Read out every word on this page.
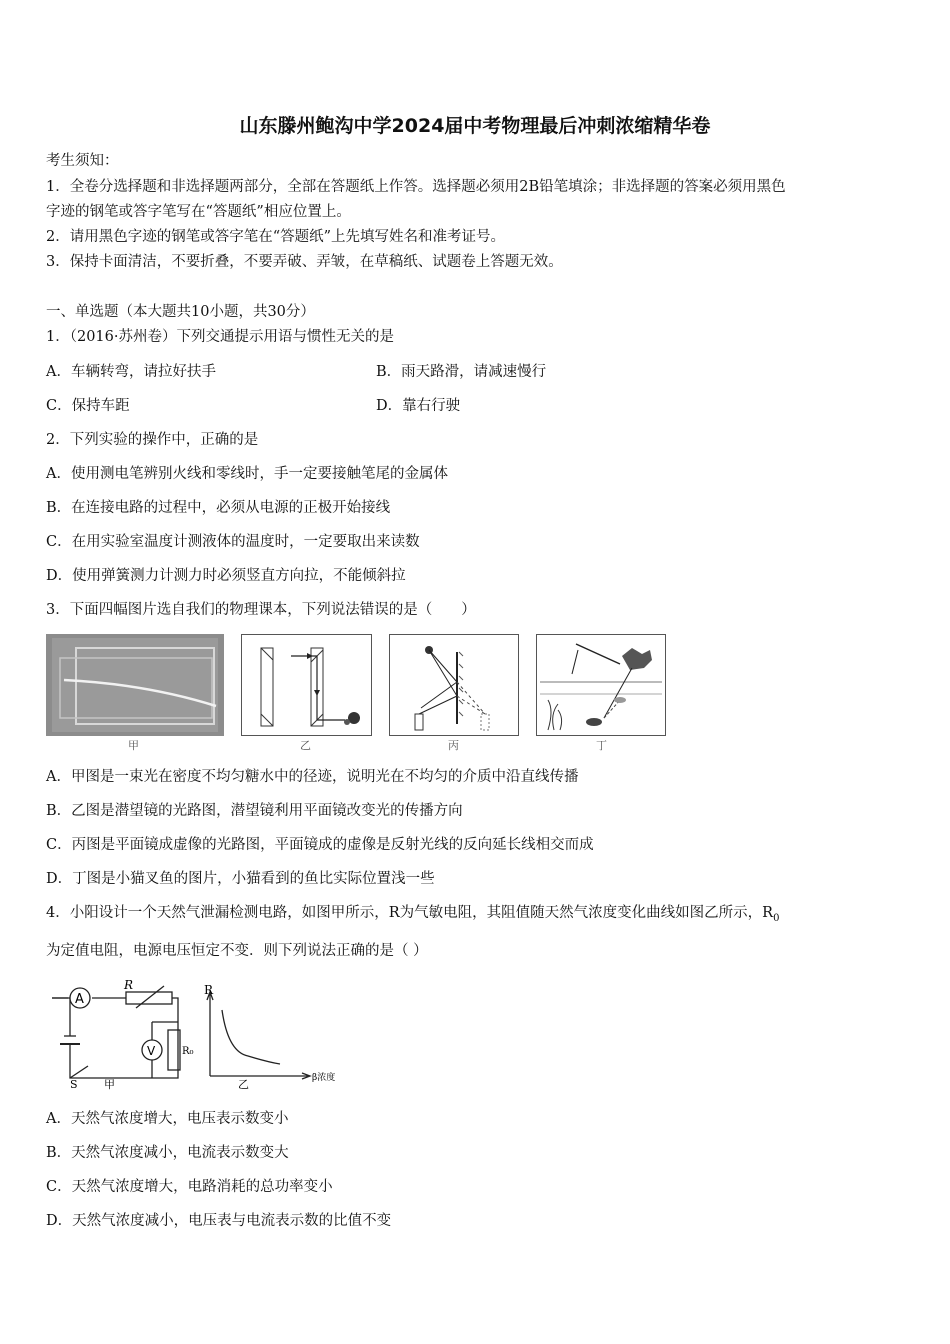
山东滕州鲍沟中学2024届中考物理最后冲刺浓缩精华卷
考生须知：
1．全卷分选择题和非选择题两部分，全部在答题纸上作答。选择题必须用2B铅笔填涂；非选择题的答案必须用黑色
字迹的钢笔或答字笔写在“答题纸”相应位置上。
2．请用黑色字迹的钢笔或答字笔在“答题纸”上先填写姓名和准考证号。
3．保持卡面清洁，不要折叠，不要弄破、弄皱，在草稿纸、试题卷上答题无效。
一、单选题（本大题共10小题，共30分）
1．（2016·苏州卷）下列交通提示用语与惯性无关的是
A．车辆转弯，请拉好扶手	B．雨天路滑，请减速慢行
C．保持车距	D．靠右行驶
2．下列实验的操作中，正确的是
A．使用测电笔辨别火线和零线时，手一定要接触笔尾的金属体
B．在连接电路的过程中，必须从电源的正极开始接线
C．在用实验室温度计测液体的温度时，一定要取出来读数
D．使用弹簧测力计测力时必须竖直方向拉，不能倾斜拉
3．下面四幅图片选自我们的物理课本，下列说法错误的是（　　）
甲	乙	丙	丁
A．甲图是一束光在密度不均匀糖水中的径迹，说明光在不均匀的介质中沿直线传播
B．乙图是潜望镜的光路图，潜望镜利用平面镜改变光的传播方向
C．丙图是平面镜成虚像的光路图，平面镜成的虚像是反射光线的反向延长线相交而成
D．丁图是小猫叉鱼的图片，小猫看到的鱼比实际位置浅一些
4．小阳设计一个天然气泄漏检测电路，如图甲所示，R为气敏电阻，其阻值随天然气浓度变化曲线如图乙所示，$R_0$
为定值电阻，电源电压恒定不变．则下列说法正确的是（ ）
A
V
R
R₀
S 甲
R
β浓度
乙
A．天然气浓度增大，电压表示数变小
B．天然气浓度减小，电流表示数变大
C．天然气浓度增大，电路消耗的总功率变小
D．天然气浓度减小，电压表与电流表示数的比值不变
